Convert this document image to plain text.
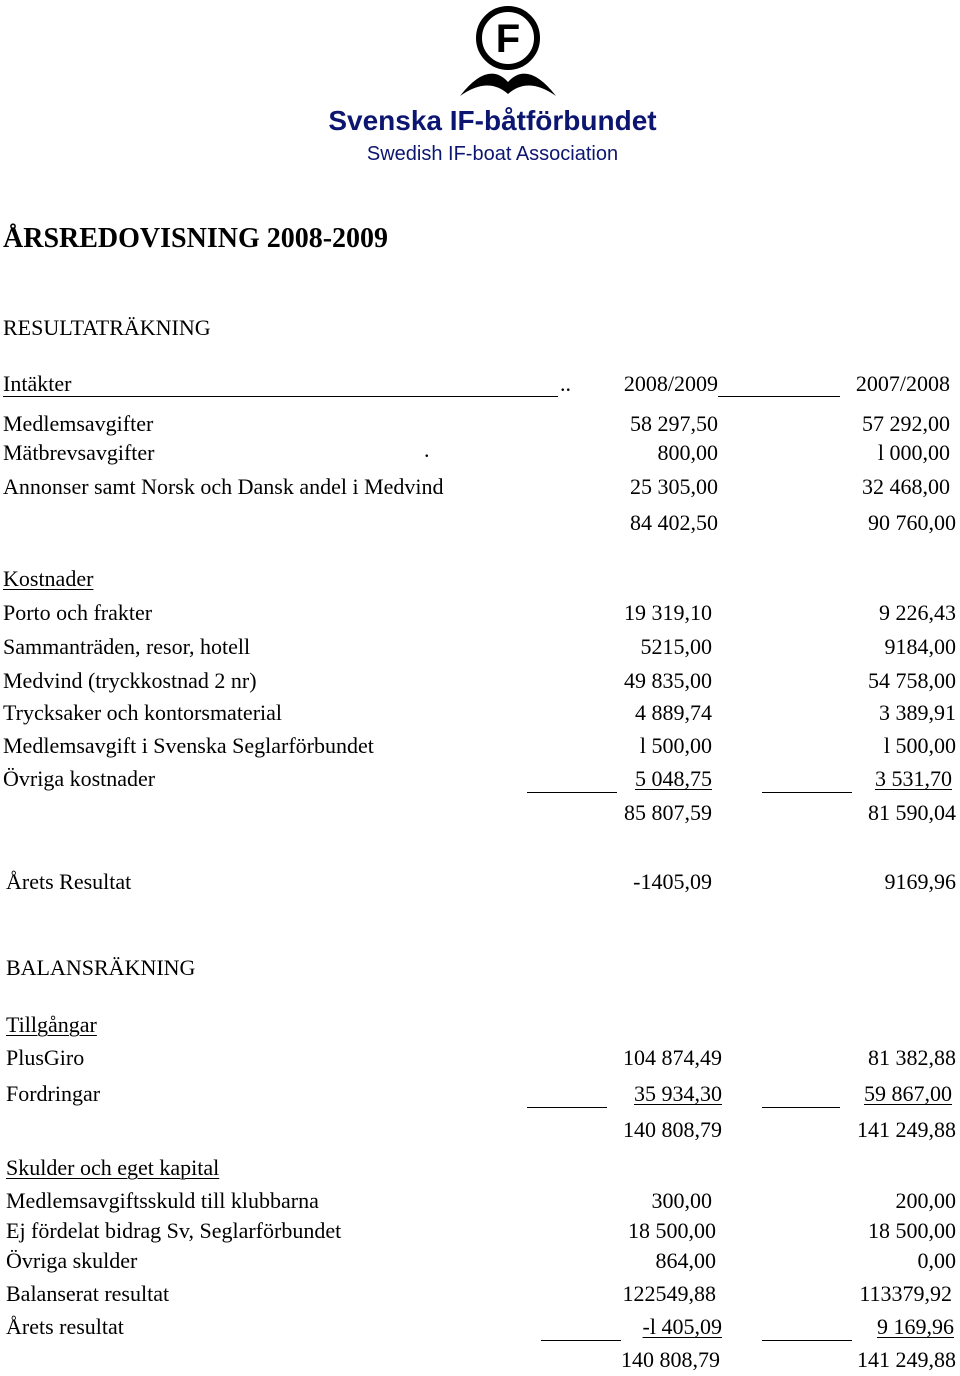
F
Svenska IF-båtförbundet
Swedish IF-boat Association
ÅRSREDOVISNING 2008-2009
RESULTATRÄKNING
Intäkter	..	2008/2009	2007/2008
Medlemsavgifter	58 297,50	57 292,00
Mätbrevsavgifter	.	800,00	l 000,00
Annonser samt Norsk och Dansk andel i Medvind	25 305,00	32 468,00
84 402,50	90 760,00
Kostnader
Porto och frakter	19 319,10	9 226,43
Sammanträden, resor, hotell	5215,00	9184,00
Medvind (tryckkostnad 2 nr)	49 835,00	54 758,00
Trycksaker och kontorsmaterial	4 889,74	3 389,91
Medlemsavgift i Svenska Seglarförbundet	l 500,00	l 500,00
Övriga kostnader	5 048,75	3 531,70
85 807,59	81 590,04
Årets Resultat	-1405,09	9169,96
BALANSRÄKNING
Tillgångar
PlusGiro	104 874,49	81 382,88
Fordringar	35 934,30	59 867,00
140 808,79	141 249,88
Skulder och eget kapital
Medlemsavgiftsskuld till klubbarna	300,00	200,00
Ej fördelat bidrag Sv, Seglarförbundet	18 500,00	18 500,00
Övriga skulder	864,00	0,00
Balanserat resultat	122549,88	113379,92
Årets resultat	-l 405,09	9 169,96
140 808,79	141 249,88
